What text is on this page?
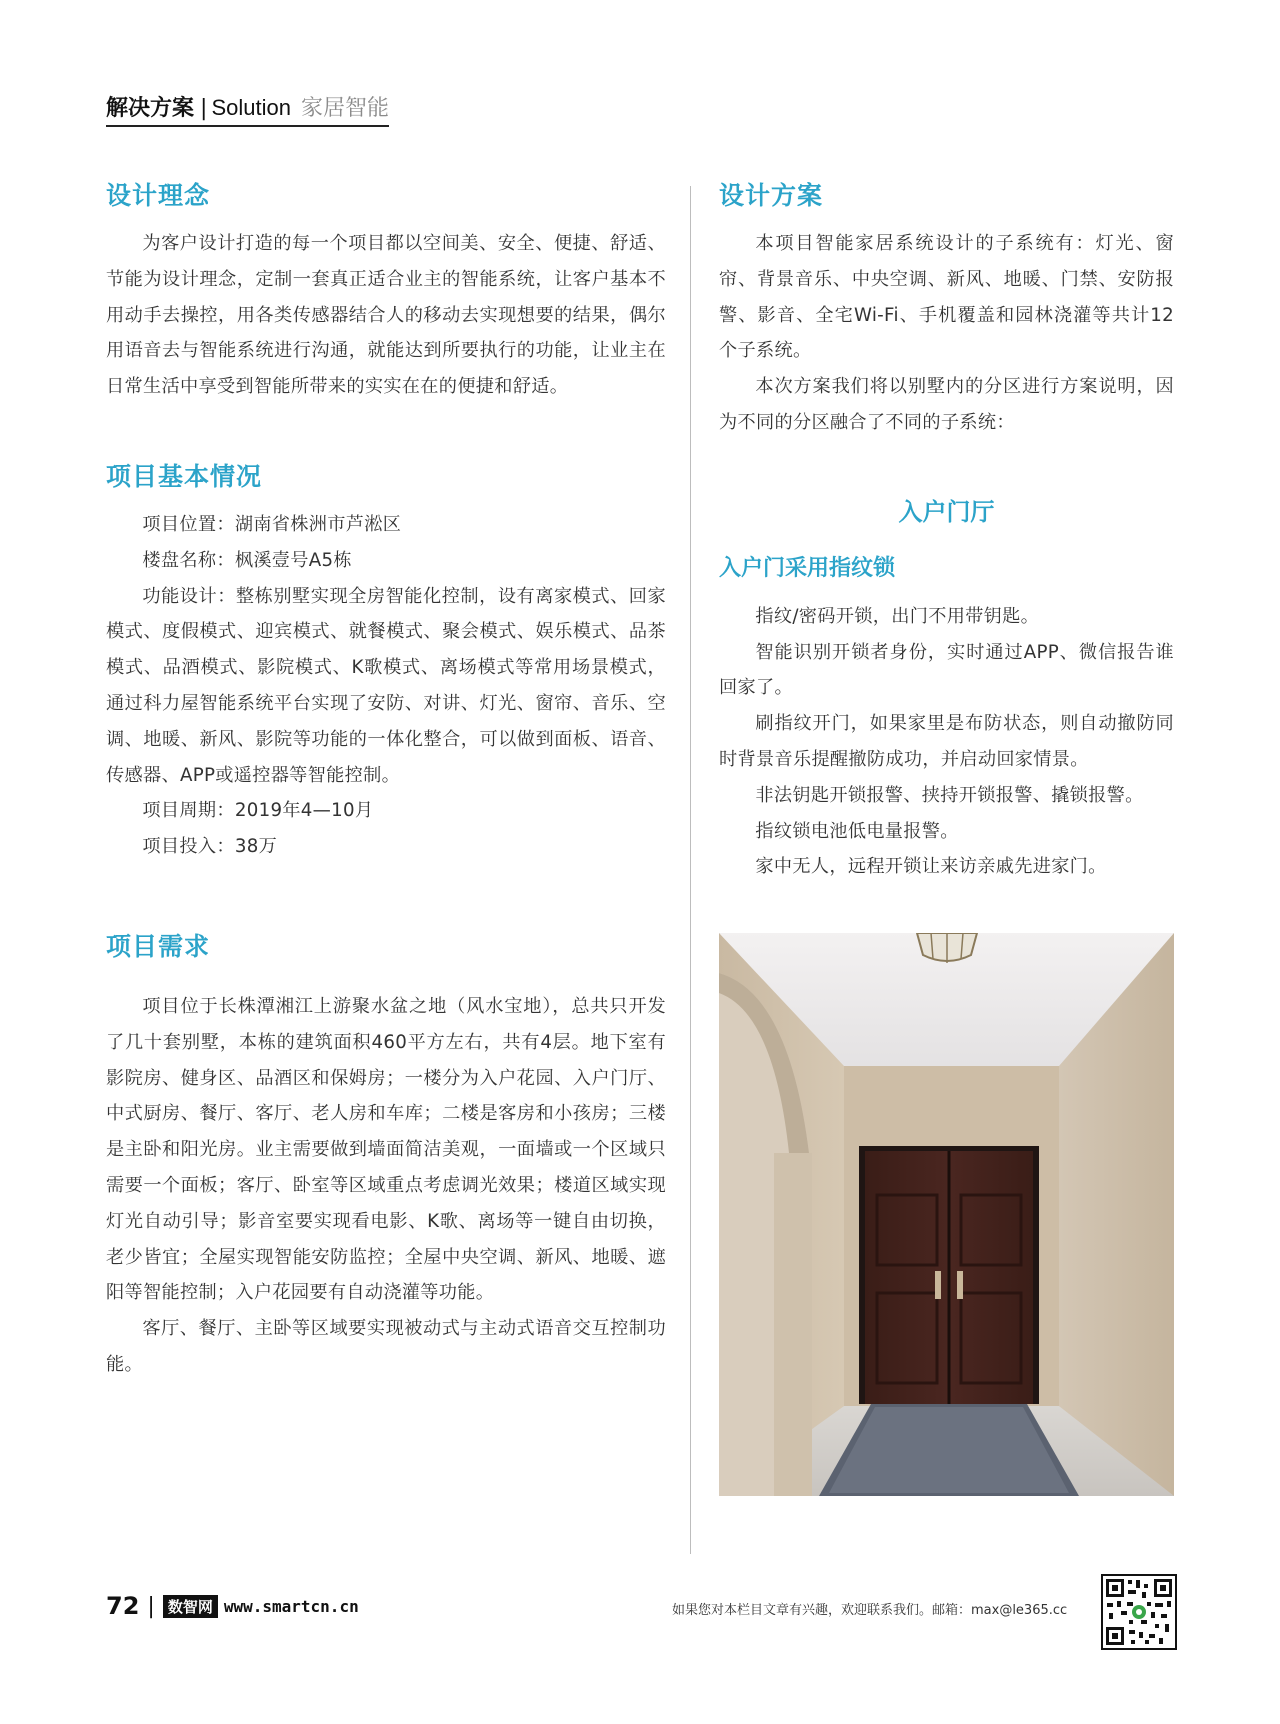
解决方案 | Solution 家居智能
设计理念

为客户设计打造的每一个项目都以空间美、安全、便捷、舒适、节能为设计理念，定制一套真正适合业主的智能系统，让客户基本不用动手去操控，用各类传感器结合人的移动去实现想要的结果，偶尔用语音去与智能系统进行沟通，就能达到所要执行的功能，让业主在日常生活中享受到智能所带来的实实在在的便捷和舒适。

项目基本情况

项目位置：湖南省株洲市芦淞区

楼盘名称：枫溪壹号A5栋

功能设计：整栋别墅实现全房智能化控制，设有离家模式、回家模式、度假模式、迎宾模式、就餐模式、聚会模式、娱乐模式、品茶模式、品酒模式、影院模式、K歌模式、离场模式等常用场景模式，通过科力屋智能系统平台实现了安防、对讲、灯光、窗帘、音乐、空调、地暖、新风、影院等功能的一体化整合，可以做到面板、语音、传感器、APP或遥控器等智能控制。

项目周期：2019年4—10月

项目投入：38万

项目需求

项目位于长株潭湘江上游聚水盆之地（风水宝地），总共只开发了几十套别墅，本栋的建筑面积460平方左右，共有4层。地下室有影院房、健身区、品酒区和保姆房；一楼分为入户花园、入户门厅、中式厨房、餐厅、客厅、老人房和车库；二楼是客房和小孩房；三楼是主卧和阳光房。业主需要做到墙面简洁美观，一面墙或一个区域只需要一个面板；客厅、卧室等区域重点考虑调光效果；楼道区域实现灯光自动引导；影音室要实现看电影、K歌、离场等一键自由切换，老少皆宜；全屋实现智能安防监控；全屋中央空调、新风、地暖、遮阳等智能控制；入户花园要有自动浇灌等功能。

客厅、餐厅、主卧等区域要实现被动式与主动式语音交互控制功能。

设计方案

本项目智能家居系统设计的子系统有：灯光、窗帘、背景音乐、中央空调、新风、地暖、门禁、安防报警、影音、全宅Wi-Fi、手机覆盖和园林浇灌等共计12个子系统。

本次方案我们将以别墅内的分区进行方案说明，因为不同的分区融合了不同的子系统：

入户门厅
入户门采用指纹锁

指纹/密码开锁，出门不用带钥匙。

智能识别开锁者身份，实时通过APP、微信报告谁回家了。

刷指纹开门，如果家里是布防状态，则自动撤防同时背景音乐提醒撤防成功，并启动回家情景。

非法钥匙开锁报警、挟持开锁报警、撬锁报警。

指纹锁电池低电量报警。

家中无人，远程开锁让来访亲戚先进家门。

72 | 数智网 www.smartcn.cn	如果您对本栏目文章有兴趣，欢迎联系我们。邮箱：max@le365.cc
